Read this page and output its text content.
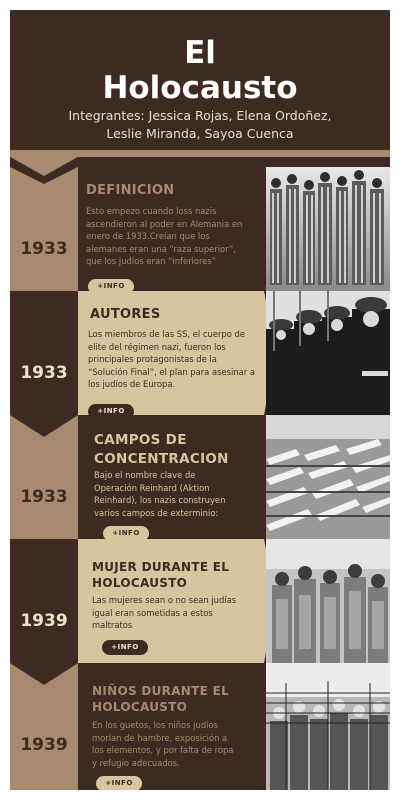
El
Holocausto
Integrantes: Jessica Rojas, Elena Ordoñez,
Leslie Miranda, Sayoa Cuenca
1933
DEFINICION
Esto empezo cuando loss nazis
ascendieron al poder en Alemania en
enero de 1933.Creían que los
alemanes eran una “raza superior”,
que los judíos eran “inferiores”
+INFO
1933
AUTORES
Los miembros de las SS, el cuerpo de
elite del régimen nazi, fueron los
principales protagonistas de la
“Solución Final”, el plan para asesinar a
los judíos de Europa.
+INFO
1933
CAMPOS DE
CONCENTRACION
Bajo el nombre clave de
Operación Reinhard (Aktion
Reinhard), los nazis construyen
varios campos de exterminio:
+INFO
1939
MUJER DURANTE EL
HOLOCAUSTO
Las mujeres sean o no sean judías
igual eran sometidas a estos
maltratos
+INFO
1939
NIÑOS DURANTE EL
HOLOCAUSTO
En los guetos, los niños judíos
morían de hambre, exposición a
los elementos, y por falta de ropa
y refugio adecuados.
+INFO
